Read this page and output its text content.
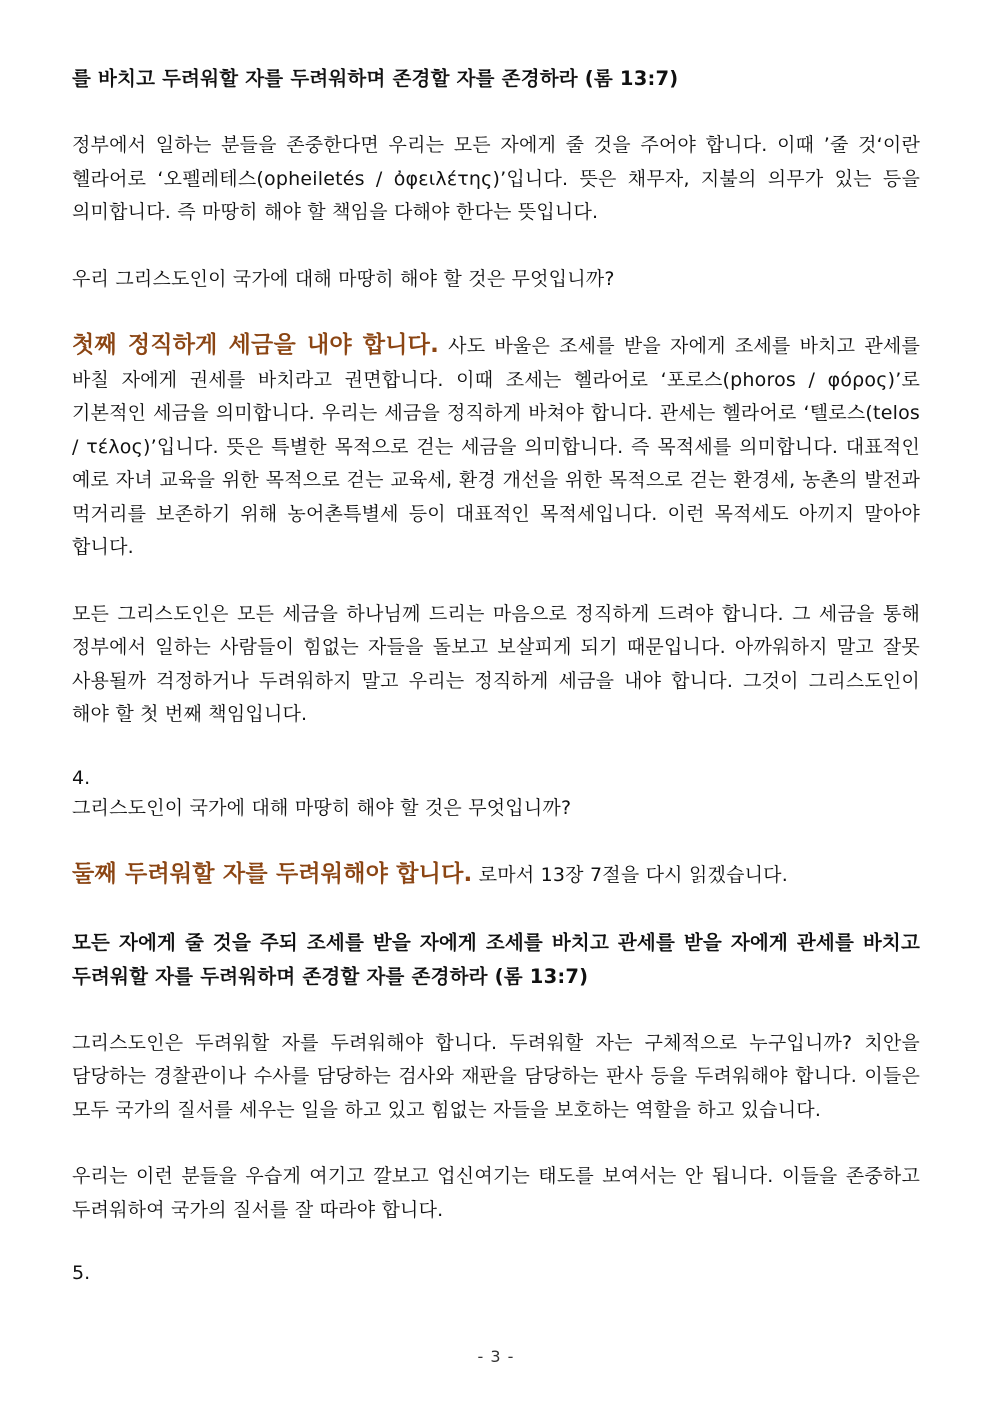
를 바치고 두려워할 자를 두려워하며 존경할 자를 존경하라 (롬 13:7)

정부에서 일하는 분들을 존중한다면 우리는 모든 자에게 줄 것을 주어야 합니다. 이때 ’줄 것‘이란 헬라어로 ‘오펠레테스(opheiletés / ὀφειλέτης)’입니다. 뜻은 채무자, 지불의 의무가 있는 등을 의미합니다. 즉 마땅히 해야 할 책임을 다해야 한다는 뜻입니다.

우리 그리스도인이 국가에 대해 마땅히 해야 할 것은 무엇입니까?

첫째 정직하게 세금을 내야 합니다. 사도 바울은 조세를 받을 자에게 조세를 바치고 관세를 바칠 자에게 권세를 바치라고 권면합니다. 이때 조세는 헬라어로 ‘포로스(phoros / φόρος)’로 기본적인 세금을 의미합니다. 우리는 세금을 정직하게 바쳐야 합니다. 관세는 헬라어로 ‘텔로스(telos / τέλος)’입니다. 뜻은 특별한 목적으로 걷는 세금을 의미합니다. 즉 목적세를 의미합니다. 대표적인 예로 자녀 교육을 위한 목적으로 걷는 교육세, 환경 개선을 위한 목적으로 걷는 환경세, 농촌의 발전과 먹거리를 보존하기 위해 농어촌특별세 등이 대표적인 목적세입니다. 이런 목적세도 아끼지 말아야 합니다.

모든 그리스도인은 모든 세금을 하나님께 드리는 마음으로 정직하게 드려야 합니다. 그 세금을 통해 정부에서 일하는 사람들이 힘없는 자들을 돌보고 보살피게 되기 때문입니다. 아까워하지 말고 잘못 사용될까 걱정하거나 두려워하지 말고 우리는 정직하게 세금을 내야 합니다. 그것이 그리스도인이 해야 할 첫 번째 책임입니다.

4.

그리스도인이 국가에 대해 마땅히 해야 할 것은 무엇입니까?

둘째 두려워할 자를 두려워해야 합니다. 로마서 13장 7절을 다시 읽겠습니다.

모든 자에게 줄 것을 주되 조세를 받을 자에게 조세를 바치고 관세를 받을 자에게 관세를 바치고 두려워할 자를 두려워하며 존경할 자를 존경하라 (롬 13:7)

그리스도인은 두려워할 자를 두려워해야 합니다. 두려워할 자는 구체적으로 누구입니까? 치안을 담당하는 경찰관이나 수사를 담당하는 검사와 재판을 담당하는 판사 등을 두려워해야 합니다. 이들은 모두 국가의 질서를 세우는 일을 하고 있고 힘없는 자들을 보호하는 역할을 하고 있습니다.

우리는 이런 분들을 우습게 여기고 깔보고 업신여기는 태도를 보여서는 안 됩니다. 이들을 존중하고 두려워하여 국가의 질서를 잘 따라야 합니다.

5.

- 3 -
